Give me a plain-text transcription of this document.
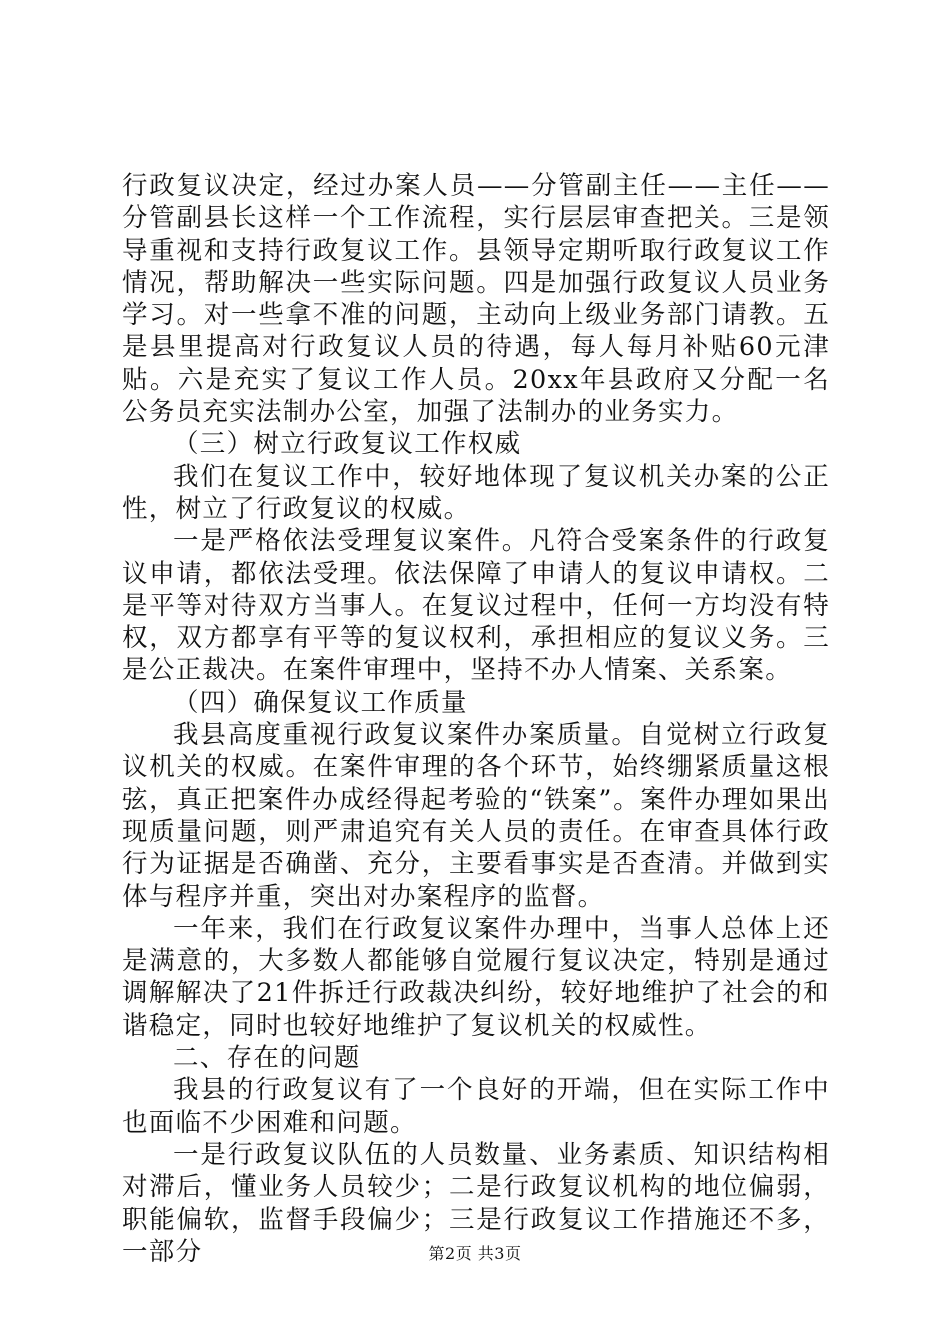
行政复议决定，经过办案人员——分管副主任——主任——分管副县长这样一个工作流程，实行层层审查把关。三是领导重视和支持行政复议工作。县领导定期听取行政复议工作情况，帮助解决一些实际问题。四是加强行政复议人员业务学习。对一些拿不准的问题，主动向上级业务部门请教。五是县里提高对行政复议人员的待遇，每人每月补贴60元津贴。六是充实了复议工作人员。20xx年县政府又分配一名公务员充实法制办公室，加强了法制办的业务实力。

（三）树立行政复议工作权威

我们在复议工作中，较好地体现了复议机关办案的公正性，树立了行政复议的权威。

一是严格依法受理复议案件。凡符合受案条件的行政复议申请，都依法受理。依法保障了申请人的复议申请权。二是平等对待双方当事人。在复议过程中，任何一方均没有特权，双方都享有平等的复议权利，承担相应的复议义务。三是公正裁决。在案件审理中，坚持不办人情案、关系案。

（四）确保复议工作质量

我县高度重视行政复议案件办案质量。自觉树立行政复议机关的权威。在案件审理的各个环节，始终绷紧质量这根弦，真正把案件办成经得起考验的“铁案”。案件办理如果出现质量问题，则严肃追究有关人员的责任。在审查具体行政行为证据是否确凿、充分，主要看事实是否查清。并做到实体与程序并重，突出对办案程序的监督。

一年来，我们在行政复议案件办理中，当事人总体上还是满意的，大多数人都能够自觉履行复议决定，特别是通过调解解决了21件拆迁行政裁决纠纷，较好地维护了社会的和谐稳定，同时也较好地维护了复议机关的权威性。

二、存在的问题

我县的行政复议有了一个良好的开端，但在实际工作中也面临不少困难和问题。

一是行政复议队伍的人员数量、业务素质、知识结构相对滞后，懂业务人员较少；二是行政复议机构的地位偏弱，职能偏软，监督手段偏少；三是行政复议工作措施还不多，一部分	第2页 共3页
